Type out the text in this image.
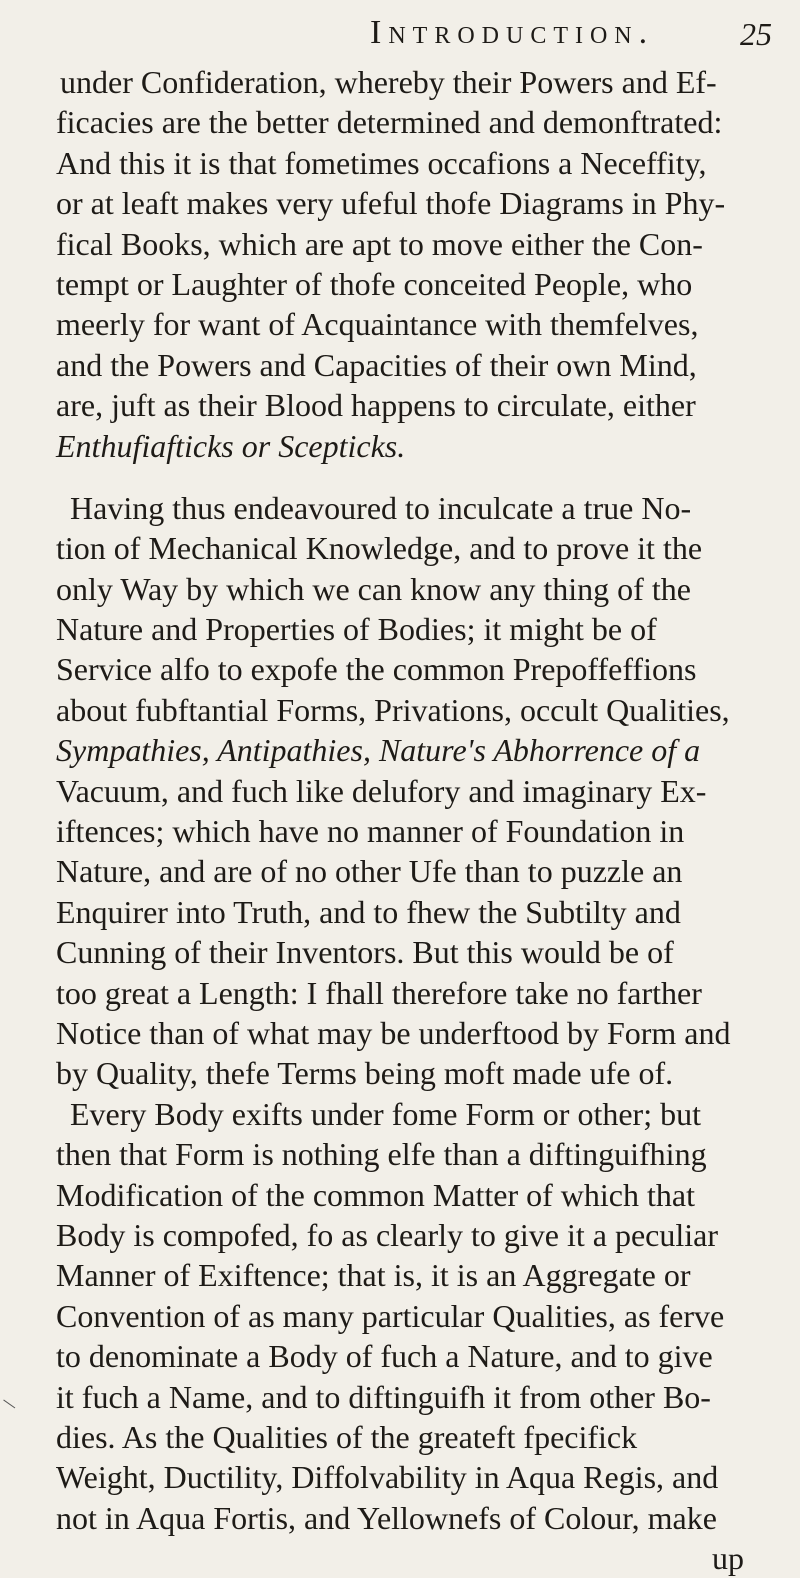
Introduction.	25
under Confideration, whereby their Powers and Ef-
ficacies are the better determined and demonftrated:
And this it is that fometimes occafions a Neceffity,
or at leaft makes very ufeful thofe Diagrams in Phy-
fical Books, which are apt to move either the Con-
tempt or Laughter of thofe conceited People, who
meerly for want of Acquaintance with themfelves,
and the Powers and Capacities of their own Mind,
are, juft as their Blood happens to circulate, either
Enthufiafticks or Scepticks.
Having thus endeavoured to inculcate a true No-
tion of Mechanical Knowledge, and to prove it the
only Way by which we can know any thing of the
Nature and Properties of Bodies; it might be of
Service alfo to expofe the common Prepoffeffions
about fubftantial Forms, Privations, occult Qualities,
Sympathies, Antipathies, Nature's Abhorrence of a
Vacuum, and fuch like delufory and imaginary Ex-
iftences; which have no manner of Foundation in
Nature, and are of no other Ufe than to puzzle an
Enquirer into Truth, and to fhew the Subtilty and
Cunning of their Inventors. But this would be of
too great a Length: I fhall therefore take no farther
Notice than of what may be underftood by Form and
by Quality, thefe Terms being moft made ufe of.
Every Body exifts under fome Form or other; but
then that Form is nothing elfe than a diftinguifhing
Modification of the common Matter of which that
Body is compofed, fo as clearly to give it a peculiar
Manner of Exiftence; that is, it is an Aggregate or
Convention of as many particular Qualities, as ferve
to denominate a Body of fuch a Nature, and to give
it fuch a Name, and to diftinguifh it from other Bo-
dies. As the Qualities of the greateft fpecifick
Weight, Ductility, Diffolvability in Aqua Regis, and
not in Aqua Fortis, and Yellownefs of Colour, make
up
